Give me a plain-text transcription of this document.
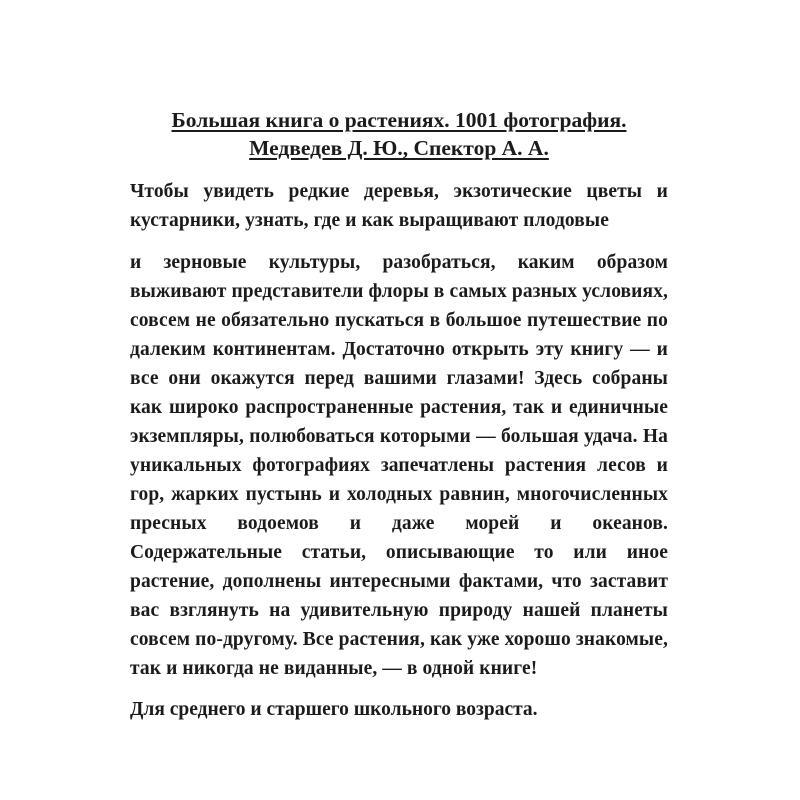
Большая книга о растениях. 1001 фотография.
Медведев Д. Ю., Спектор А. А.

Чтобы увидеть редкие деревья, экзотические цветы и кустарники, узнать, где и как выращивают плодовые

и зерновые культуры, разобраться, каким образом выживают представители флоры в самых разных условиях, совсем не обязательно пускаться в большое путешествие по далеким континентам. Достаточно открыть эту книгу — и все они окажутся перед вашими глазами! Здесь собраны как широко распространенные растения, так и единичные экземпляры, полюбоваться которыми — большая удача. На уникальных фотографиях запечатлены растения лесов и гор, жарких пустынь и холодных равнин, многочисленных пресных водоемов и даже морей и океанов. Содержательные статьи, описывающие то или иное растение, дополнены интересными фактами, что заставит вас взглянуть на удивительную природу нашей планеты совсем по-другому. Все растения, как уже хорошо знакомые, так и никогда не виданные, — в одной книге!

Для среднего и старшего школьного возраста.
